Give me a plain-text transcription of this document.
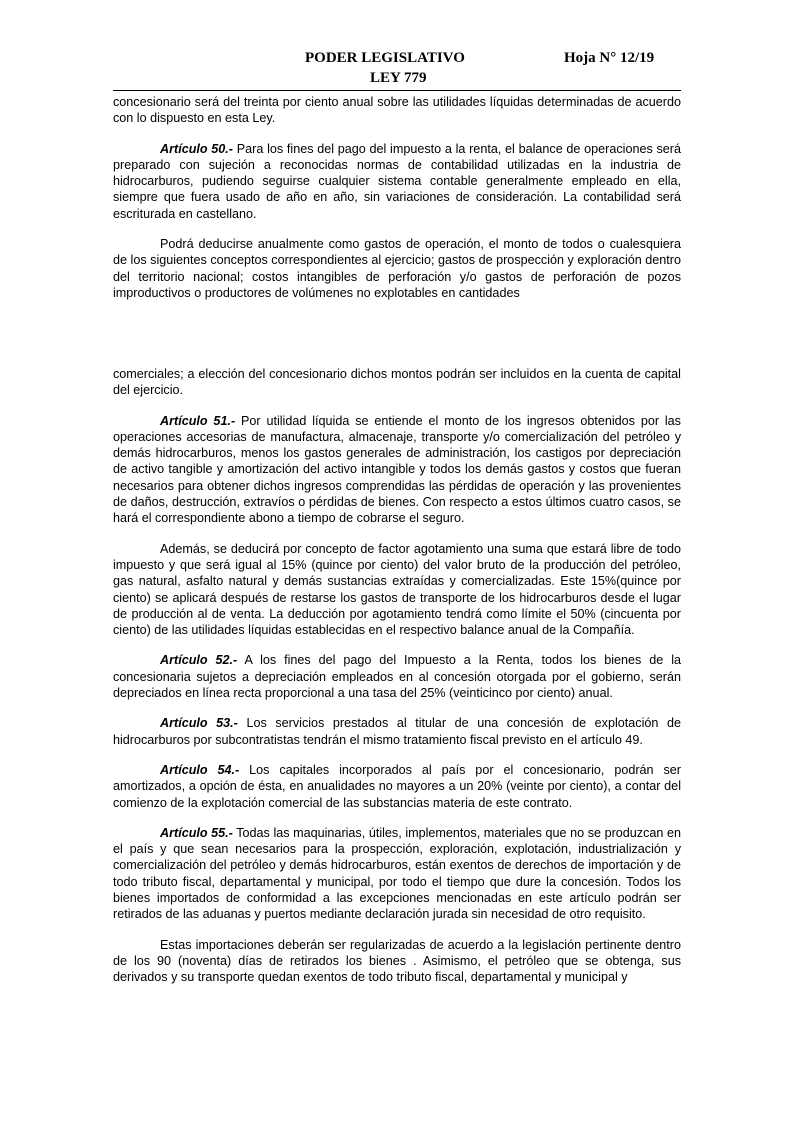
PODER LEGISLATIVO	Hoja N° 12/19
LEY 779

concesionario será del treinta por ciento anual sobre las utilidades líquidas determinadas de acuerdo con lo dispuesto en esta Ley.

Artículo 50.- Para los fines del pago del impuesto a la renta, el balance de operaciones será preparado con sujeción a reconocidas normas de contabilidad utilizadas en la industria de hidrocarburos, pudiendo seguirse cualquier sistema contable generalmente empleado en ella, siempre que fuera usado de año en año, sin variaciones de consideración. La contabilidad será escriturada en castellano.

Podrá deducirse anualmente como gastos de operación, el monto de todos o cualesquiera de los siguientes conceptos correspondientes al ejercicio; gastos de prospección y exploración dentro del territorio nacional; costos intangibles de perforación y/o gastos de perforación de pozos improductivos o productores de volúmenes no explotables en cantidades

comerciales; a elección del concesionario dichos montos podrán ser incluidos en la cuenta de capital del ejercicio.

Artículo 51.- Por utilidad líquida se entiende el monto de los ingresos obtenidos por las operaciones accesorias de manufactura, almacenaje, transporte y/o comercialización del petróleo y demás hidrocarburos, menos los gastos generales de administración, los castigos por depreciación de activo tangible y amortización del activo intangible y todos los demás gastos y costos que fueran necesarios para obtener dichos ingresos comprendidas las pérdidas de operación y las provenientes de daños, destrucción, extravíos o pérdidas de bienes. Con respecto a estos últimos cuatro casos, se hará el correspondiente abono a tiempo de cobrarse el seguro.

Además, se deducirá por concepto de factor agotamiento una suma que estará libre de todo impuesto y que será igual al 15% (quince por ciento) del valor bruto de la producción del petróleo, gas natural, asfalto natural y demás sustancias extraídas y comercializadas. Este 15%(quince por ciento) se aplicará después de restarse los gastos de transporte de los hidrocarburos desde el lugar de producción al de venta. La deducción por agotamiento tendrá como límite el 50% (cincuenta por ciento) de las utilidades líquidas establecidas en el respectivo balance anual de la Compañía.

Artículo 52.- A los fines del pago del Impuesto a la Renta, todos los bienes de la concesionaria sujetos a depreciación empleados en al concesión otorgada por el gobierno, serán depreciados en línea recta proporcional a una tasa del 25% (veinticinco por ciento) anual.

Artículo 53.- Los servicios prestados al titular de una concesión de explotación de hidrocarburos por subcontratistas tendrán el mismo tratamiento fiscal previsto en el artículo 49.

Artículo 54.- Los capitales incorporados al país por el concesionario, podrán ser amortizados, a opción de ésta, en anualidades no mayores a un 20% (veinte por ciento), a contar del comienzo de la explotación comercial de las substancias materia de este contrato.

Artículo 55.- Todas las maquinarias, útiles, implementos, materiales que no se produzcan en el país y que sean necesarios para la prospección, exploración, explotación, industrialización y comercialización del petróleo y demás hidrocarburos, están exentos de derechos de importación y de todo tributo fiscal, departamental y municipal, por todo el tiempo que dure la concesión. Todos los bienes importados de conformidad a las excepciones mencionadas en este artículo podrán ser retirados de las aduanas y puertos mediante declaración jurada sin necesidad de otro requisito.

Estas importaciones deberán ser regularizadas de acuerdo a la legislación pertinente dentro de los 90 (noventa) días de retirados los bienes . Asimismo, el petróleo que se obtenga, sus derivados y su transporte quedan exentos de todo tributo fiscal, departamental y municipal y
